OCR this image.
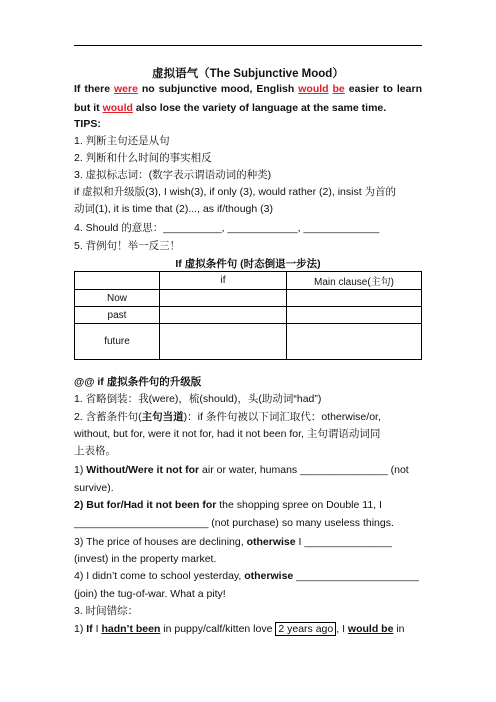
虚拟语气（The Subjunctive Mood）
If there were no subjunctive mood, English would be easier to learn
but it would also lose the variety of language at the same time.
TIPS:
1. 判断主句还是从句
2. 判断和什么时间的事实相反
3. 虚拟标志词：(数字表示谓语动词的种类)
if 虚拟和升级版(3), I wish(3), if only (3), would rather (2), insist 为首的
动词(1), it is time that (2)..., as if/though (3)
4. Should 的意思：__________, ____________, _____________
5. 背例句！举一反三！
If 虚拟条件句 (时态倒退一步法)
	if	Main clause(主句)
Now		
past		
future		
@@ if 虚拟条件句的升级版
1. 省略倒装：我(were)，梳(should)，头(助动词“had”)
2. 含蓄条件句(主句当道)：if 条件句被以下词汇取代：otherwise/or,
without, but for, were it not for, had it not been for, 主句谓语动词同
上表格。
1) Without/Were it not for air or water, humans _______________ (not
survive).
2) But for/Had it not been for the shopping spree on Double 11, I
_______________________ (not purchase) so many useless things.
3) The price of houses are declining, otherwise I _______________
(invest) in the property market.
4) I didn’t come to school yesterday, otherwise _____________________
(join) the tug-of-war. What a pity!
3. 时间错综：
1) If I hadn’t been in puppy/calf/kitten love 2 years ago , I would be in
